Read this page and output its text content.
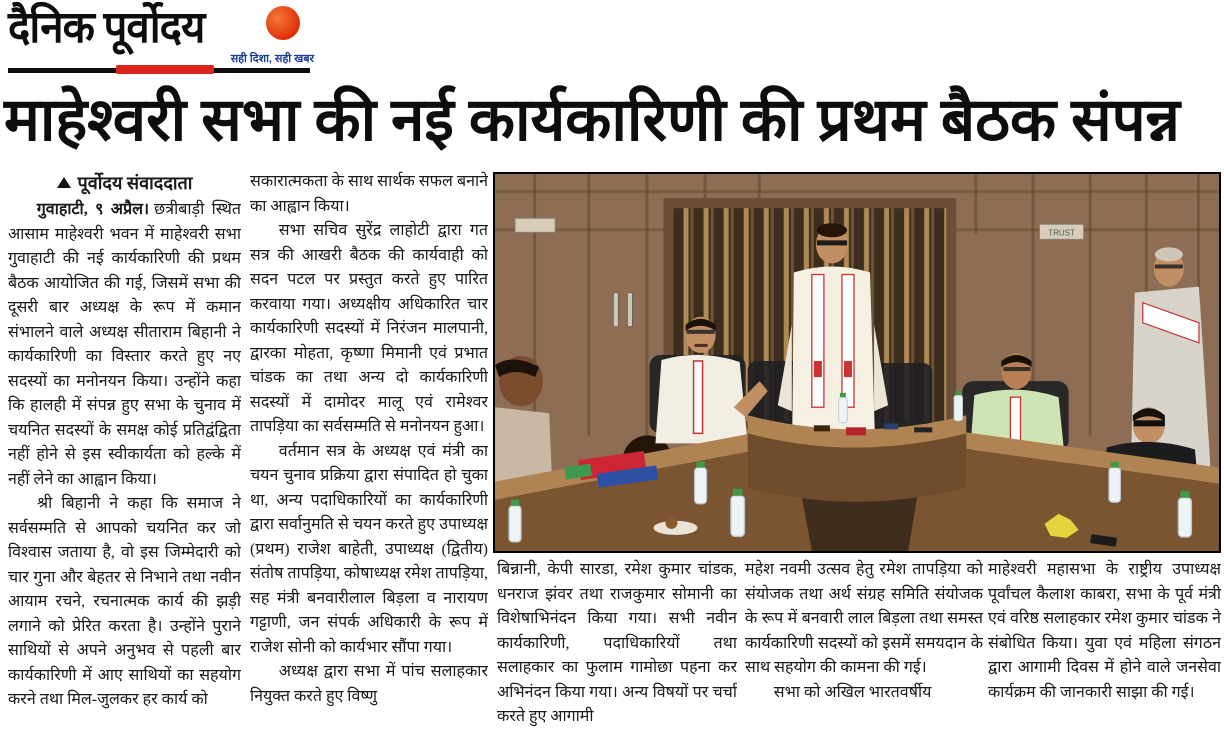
दैनिक पूर्वोदय
सही दिशा, सही खबर
माहेश्वरी सभा की नई कार्यकारिणी की प्रथम बैठक संपन्न
पूर्वोदय संवाददाता

गुवाहाटी, ९ अप्रैल। छत्रीबाड़ी स्थित आसाम माहेश्वरी भवन में माहेश्वरी सभा गुवाहाटी की नई कार्यकारिणी की प्रथम बैठक आयोजित की गई, जिसमें सभा की दूसरी बार अध्यक्ष के रूप में कमान संभालने वाले अध्यक्ष सीताराम बिहानी ने कार्यकारिणी का विस्तार करते हुए नए सदस्यों का मनोनयन किया। उन्होंने कहा कि हालही में संपन्न हुए सभा के चुनाव में चयनित सदस्यों के समक्ष कोई प्रतिद्वंद्विता नहीं होने से इस स्वीकार्यता को हल्के में नहीं लेने का आह्वान किया।

श्री बिहानी ने कहा कि समाज ने सर्वसम्मति से आपको चयनित कर जो विश्वास जताया है, वो इस जिम्मेदारी को चार गुना और बेहतर से निभाने तथा नवीन आयाम रचने, रचनात्मक कार्य की झड़ी लगाने को प्रेरित करता है। उन्होंने पुराने साथियों से अपने अनुभव से पहली बार कार्यकारिणी में आए साथियों का सहयोग करने तथा मिल-जुलकर हर कार्य को

सकारात्मकता के साथ सार्थक सफल बनाने का आह्वान किया।

सभा सचिव सुरेंद्र लाहोटी द्वारा गत सत्र की आखरी बैठक की कार्यवाही को सदन पटल पर प्रस्तुत करते हुए पारित करवाया गया। अध्यक्षीय अधिकारित चार कार्यकारिणी सदस्यों में निरंजन मालपानी, द्वारका मोहता, कृष्णा मिमानी एवं प्रभात चांडक का तथा अन्य दो कार्यकारिणी सदस्यों में दामोदर मालू एवं रामेश्वर तापड़िया का सर्वसम्मति से मनोनयन हुआ।

वर्तमान सत्र के अध्यक्ष एवं मंत्री का चयन चुनाव प्रक्रिया द्वारा संपादित हो चुका था, अन्य पदाधिकारियों का कार्यकारिणी द्वारा सर्वानुमति से चयन करते हुए उपाध्यक्ष (प्रथम) राजेश बाहेती, उपाध्यक्ष (द्वितीय) संतोष तापड़िया, कोषाध्यक्ष रमेश तापड़िया, सह मंत्री बनवारीलाल बिड़ला व नारायण गट्टाणी, जन संपर्क अधिकारी के रूप में राजेश सोनी को कार्यभार सौंपा गया।

अध्यक्ष द्वारा सभा में पांच सलाहकार नियुक्त करते हुए विष्णु

TRUST

बिन्नानी, केपी सारडा, रमेश कुमार चांडक, धनराज झंवर तथा राजकुमार सोमानी का विशेषाभिनंदन किया गया। सभी नवीन कार्यकारिणी, पदाधिकारियों तथा सलाहकार का फुलाम गामोछा पहना कर अभिनंदन किया गया। अन्य विषयों पर चर्चा करते हुए आगामी

महेश नवमी उत्सव हेतु रमेश तापड़िया को संयोजक तथा अर्थ संग्रह समिति संयोजक के रूप में बनवारी लाल बिड़ला तथा समस्त कार्यकारिणी सदस्यों को इसमें समयदान के साथ सहयोग की कामना की गई।

सभा को अखिल भारतवर्षीय

माहेश्वरी महासभा के राष्ट्रीय उपाध्यक्ष पूर्वांचल कैलाश काबरा, सभा के पूर्व मंत्री एवं वरिष्ठ सलाहकार रमेश कुमार चांडक ने संबोधित किया। युवा एवं महिला संगठन द्वारा आगामी दिवस में होने वाले जनसेवा कार्यक्रम की जानकारी साझा की गई।
